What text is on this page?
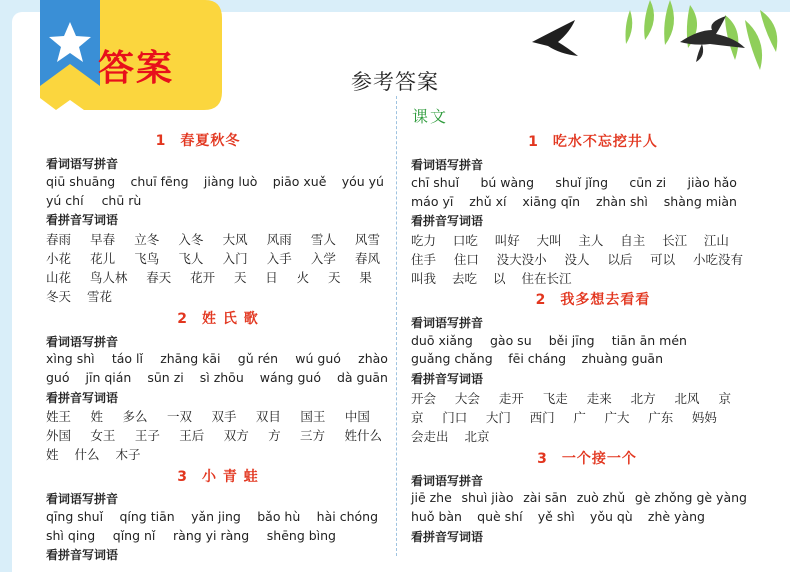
答案	参考答案
1 春夏秋冬
看词语写拼音
qiū shuāng chuī fēng jiàng luò piāo xuě yóu yú
yú chí chū rù
看拼音写词语
春雨 早春 立冬 入冬 大风 风雨 雪人 风雪
小花 花儿 飞鸟 飞人 入门 入手 入学 春风
山花 鸟人林 春天 花开 天 日 火 天 果
冬天 雪花
2 姓 氏 歌
看词语写拼音
xìng shì táo lǐ zhāng kāi gǔ rén wú guó zhào
guó jīn qián sūn zi sì zhōu wáng guó dà guān
看拼音写词语
姓王 姓 多么 一双 双手 双目 国王 中国
外国 女王 王子 王后 双方 方 三方 姓什么
姓 什么 木子
3 小 青 蛙
看词语写拼音
qīng shuǐ qíng tiān yǎn jing bǎo hù hài chóng
shì qing qǐng nǐ ràng yi ràng shēng bìng
看拼音写词语
课文
1 吃水不忘挖井人
看词语写拼音
chī shuǐ bú wàng shuǐ jǐng cūn zi jiào hǎo
máo yī zhǔ xí xiāng qīn zhàn shì shàng miàn
看拼音写词语
吃力 口吃 叫好 大叫 主人 自主 长江 江山
住手 住口 没大没小 没人 以后 可以 小吃没有
叫我 去吃 以 住在长江
2 我多想去看看
看词语写拼音
duō xiǎng gào su běi jīng tiān ān mén
guǎng chǎng fēi cháng zhuàng guān
看拼音写词语
开会 大会 走开 飞走 走来 北方 北风 京
京 门口 大门 西门 广 广大 广东 妈妈
会走出 北京
3 一个接一个
看词语写拼音
jiē zhe shuì jiào zài sān zuò zhǔ gè zhǒng gè yàng
huǒ bàn què shí yě shì yǒu qù zhè yàng
看拼音写词语
